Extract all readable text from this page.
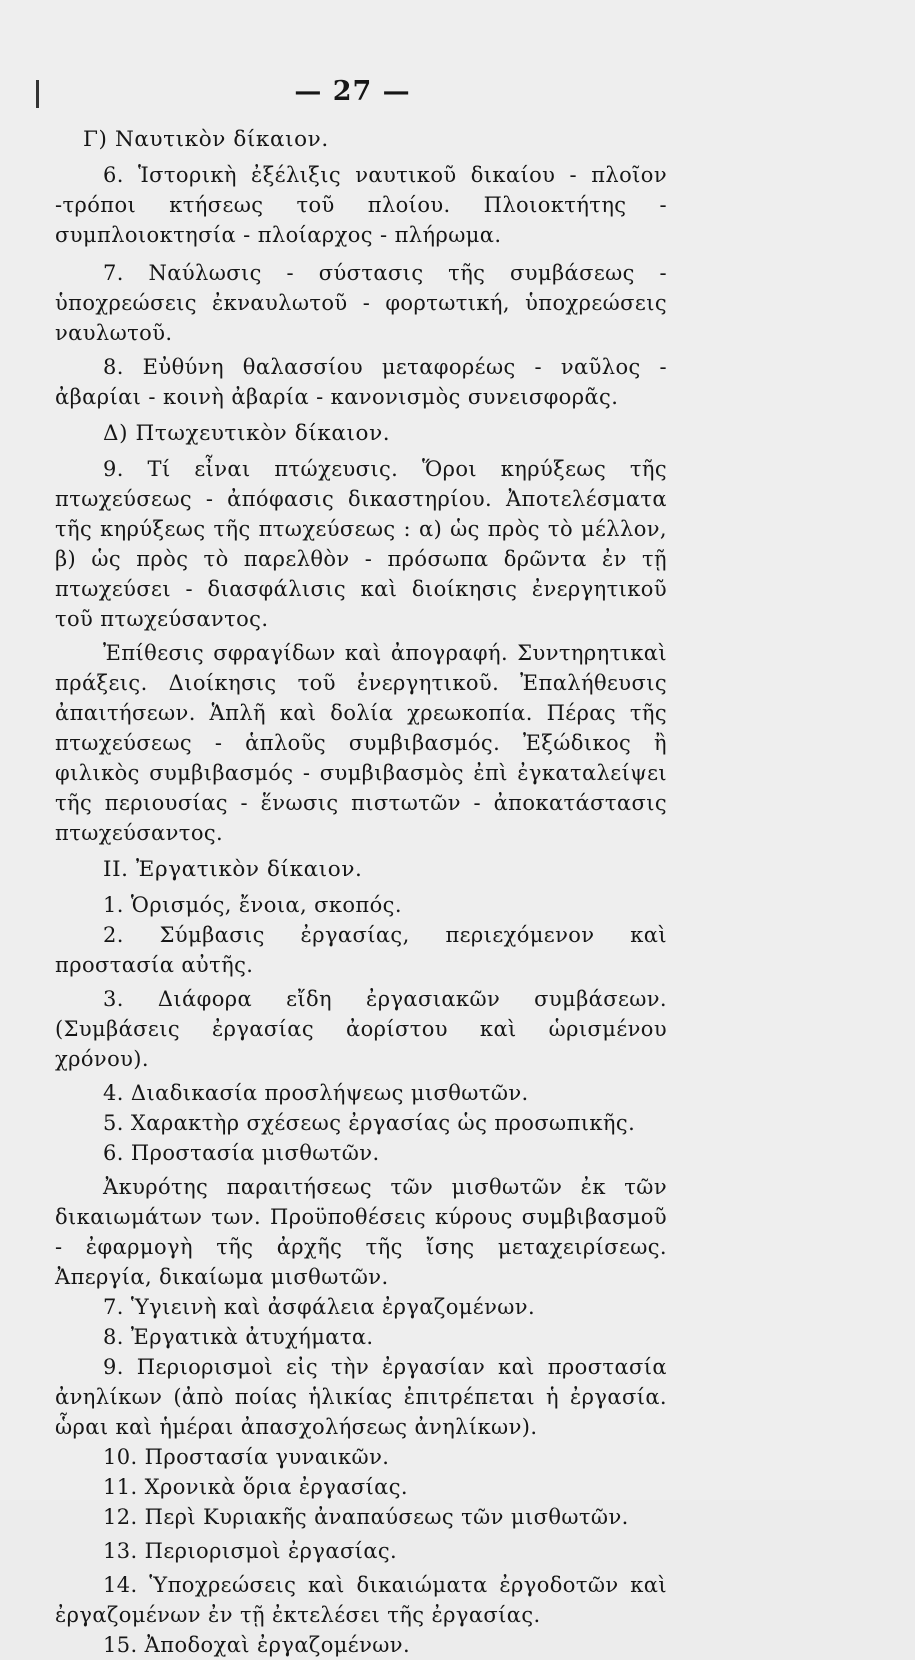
— 27 —
Γ) Ναυτικὸν δίκαιον.

6. Ἱστορικὴ ἐξέλιξις ναυτικοῦ δικαίου - πλοῖον -τρόποι κτήσεως τοῦ πλοίου. Πλοιοκτήτης - συμπλοιοκτησία - πλοίαρχος - πλήρωμα.

7. Ναύλωσις - σύστασις τῆς συμβάσεως - ὑποχρεώσεις ἐκναυλωτοῦ - φορτωτική, ὑποχρεώσεις ναυλωτοῦ.

8. Εὐθύνη θαλασσίου μεταφορέως - ναῦλος - ἀβαρίαι - κοινὴ ἀβαρία - κανονισμὸς συνεισφορᾶς.

Δ) Πτωχευτικὸν δίκαιον.

9. Τί εἶναι πτώχευσις. Ὅροι κηρύξεως τῆς πτωχεύσεως - ἀπόφασις δικαστηρίου. Ἀποτελέσματα τῆς κηρύξεως τῆς πτωχεύσεως : α) ὡς πρὸς τὸ μέλλον, β) ὡς πρὸς τὸ παρελθὸν - πρόσωπα δρῶντα ἐν τῇ πτωχεύσει - διασφάλισις καὶ διοίκησις ἐνεργητικοῦ τοῦ πτωχεύσαντος.

Ἐπίθεσις σφραγίδων καὶ ἀπογραφή. Συντηρητικαὶ πράξεις. Διοίκησις τοῦ ἐνεργητικοῦ. Ἐπαλήθευσις ἀπαιτήσεων. Ἁπλῆ καὶ δολία χρεωκοπία. Πέρας τῆς πτωχεύσεως - ἁπλοῦς συμβιβασμός. Ἐξώδικος ἢ φιλικὸς συμβιβασμός - συμβιβασμὸς ἐπὶ ἐγκαταλείψει τῆς περιουσίας - ἕνωσις πιστωτῶν - ἀποκατάστασις πτωχεύσαντος.

ΙΙ. Ἐργατικὸν δίκαιον.

1. Ὁρισμός, ἔνοια, σκοπός.

2. Σύμβασις ἐργασίας, περιεχόμενον καὶ προστασία αὐτῆς.

3. Διάφορα εἴδη ἐργασιακῶν συμβάσεων. (Συμβάσεις ἐργασίας ἀορίστου καὶ ὡρισμένου χρόνου).

4. Διαδικασία προσλήψεως μισθωτῶν.

5. Χαρακτὴρ σχέσεως ἐργασίας ὡς προσωπικῆς.

6. Προστασία μισθωτῶν.

Ἀκυρότης παραιτήσεως τῶν μισθωτῶν ἐκ τῶν δικαιωμάτων των. Προϋποθέσεις κύρους συμβιβασμοῦ - ἐφαρμογὴ τῆς ἀρχῆς τῆς ἴσης μεταχειρίσεως. Ἀπεργία, δικαίωμα μισθωτῶν.

7. Ὑγιεινὴ καὶ ἀσφάλεια ἐργαζομένων.

8. Ἐργατικὰ ἀτυχήματα.

9. Περιορισμοὶ εἰς τὴν ἐργασίαν καὶ προστασία ἀνηλίκων (ἀπὸ ποίας ἡλικίας ἐπιτρέπεται ἡ ἐργασία. ὧραι καὶ ἡμέραι ἀπασχολήσεως ἀνηλίκων).

10. Προστασία γυναικῶν.

11. Χρονικὰ ὅρια ἐργασίας.

12. Περὶ Κυριακῆς ἀναπαύσεως τῶν μισθωτῶν.

13. Περιορισμοὶ ἐργασίας.

14. Ὑποχρεώσεις καὶ δικαιώματα ἐργοδοτῶν καὶ ἐργαζομένων ἐν τῇ ἐκτελέσει τῆς ἐργασίας.

15. Ἀποδοχαὶ ἐργαζομένων.
